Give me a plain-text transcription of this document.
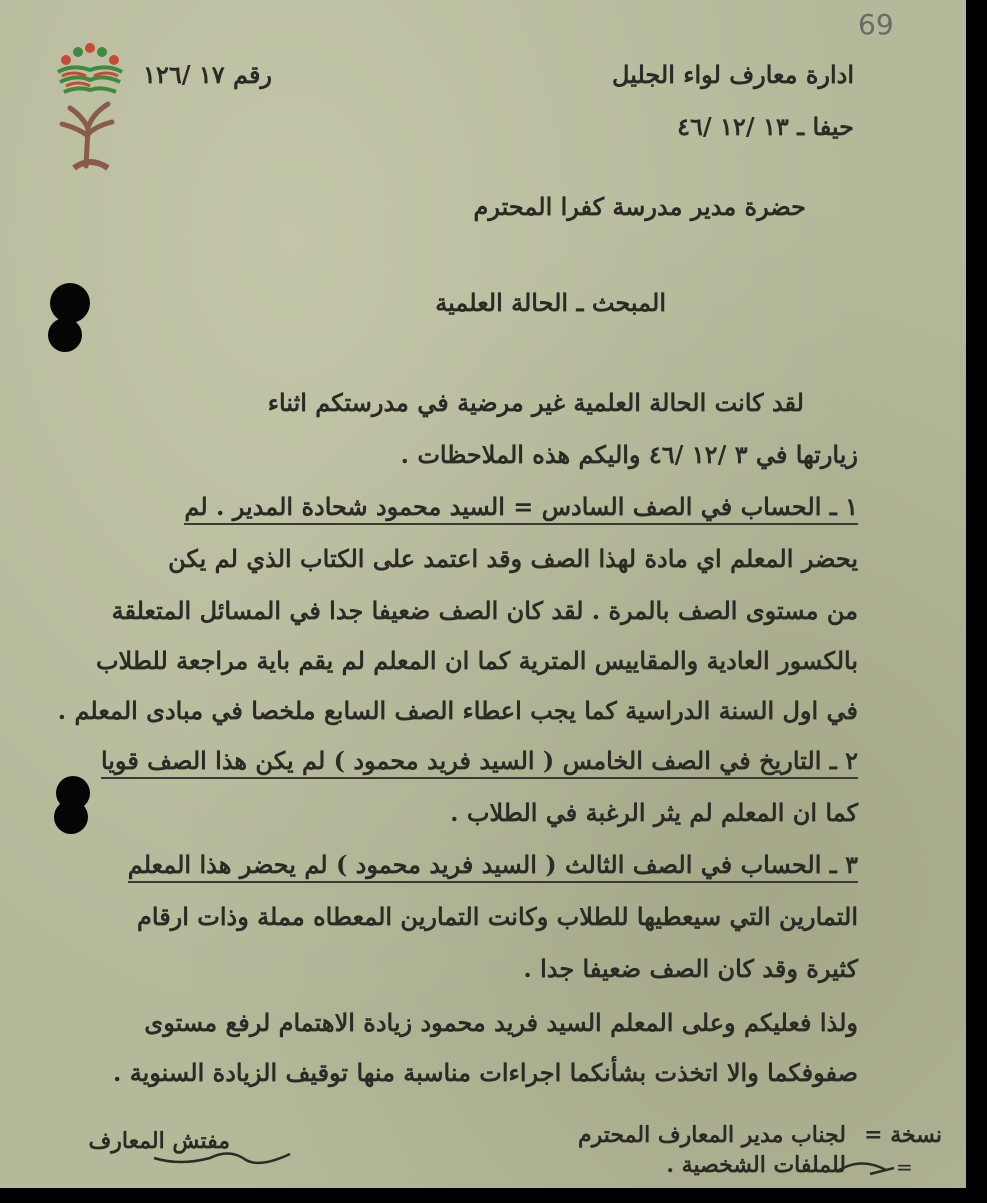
69
رقم ١٧ /١٢٦	ادارة معارف لواء الجليل
حيفا ـ ١٣ /١٢ /٤٦
حضرة مدير مدرسة كفرا المحترم
المبحث ـ الحالة العلمية
لقد كانت الحالة العلمية غير مرضية في مدرستكم اثناء
زيارتها في ٣ /١٢ /٤٦ واليكم هذه الملاحظات .
١ ـ الحساب في الصف السادس = السيد محمود شحادة المدير . لم
يحضر المعلم اي مادة لهذا الصف وقد اعتمد على الكتاب الذي لم يكن
من مستوى الصف بالمرة . لقد كان الصف ضعيفا جدا في المسائل المتعلقة
بالكسور العادية والمقاييس المترية كما ان المعلم لم يقم باية مراجعة للطلاب
في اول السنة الدراسية كما يجب اعطاء الصف السابع ملخصا في مبادى المعلم .
٢ ـ التاريخ في الصف الخامس ( السيد فريد محمود ) لم يكن هذا الصف قويا
كما ان المعلم لم يثر الرغبة في الطلاب .
٣ ـ الحساب في الصف الثالث ( السيد فريد محمود ) لم يحضر هذا المعلم
التمارين التي سيعطيها للطلاب وكانت التمارين المعطاه مملة وذات ارقام
كثيرة وقد كان الصف ضعيفا جدا .
ولذا فعليكم وعلى المعلم السيد فريد محمود زيادة الاهتمام لرفع مستوى
صفوفكما والا اتخذت بشأنكما اجراءات مناسبة منها توقيف الزيادة السنوية .
مفتش المعارف	نسخة =
لجناب مدير المعارف المحترم
للملفات الشخصية .	=
